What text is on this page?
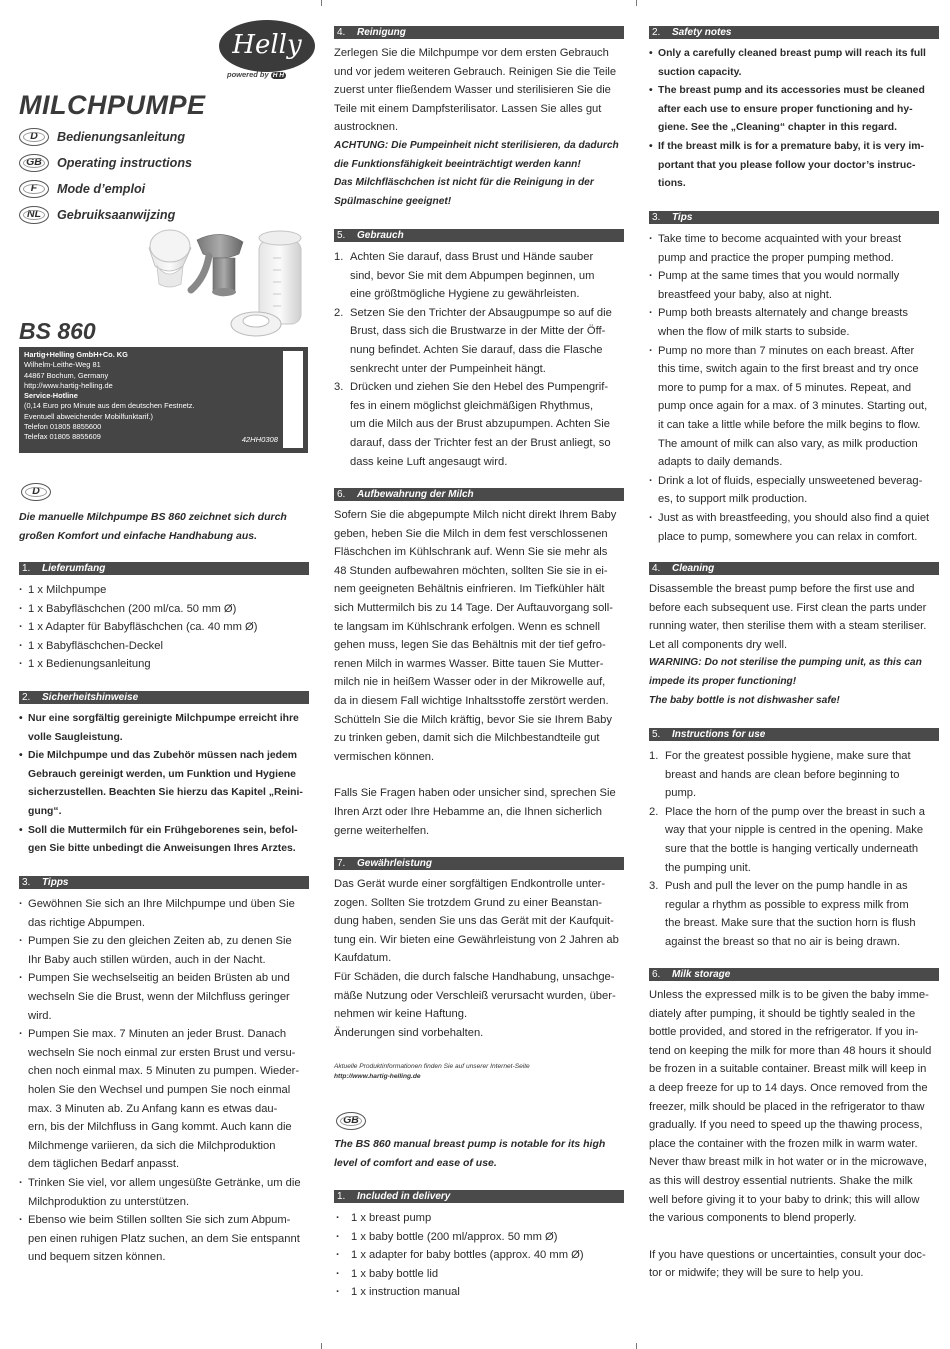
Helly
powered by H H
MILCHPUMPE
D	Bedienungsanleitung
GB	Operating instructions
F	Mode d’emploi
NL	Gebruiksaanwijzing
BS 860
Hartig+Helling GmbH+Co. KG
Wilhelm-Leithe-Weg 81
44867 Bochum, Germany
http://www.hartig-helling.de
Service-Hotline
(0,14 Euro pro Minute aus dem deutschen Festnetz.
Eventuell abweichender Mobilfunktarif.)
Telefon 01805 8855600
Telefax 01805 8855609	42HH0308
D
Die manuelle Milchpumpe BS 860 zeichnet sich durch
großen Komfort und einfache Handhabung aus.
1. Lieferumfang
· 1 x Milchpumpe
· 1 x Babyfläschchen (200 ml/ca. 50 mm Ø)
· 1 x Adapter für Babyfläschchen (ca. 40 mm Ø)
· 1 x Babyfläschchen-Deckel
· 1 x Bedienungsanleitung
2. Sicherheitshinweise
• Nur eine sorgfältig gereinigte Milchpumpe erreicht ihre
volle Saugleistung.
• Die Milchpumpe und das Zubehör müssen nach jedem
Gebrauch gereinigt werden, um Funktion und Hygiene
sicherzustellen. Beachten Sie hierzu das Kapitel „Reini-
gung“.
• Soll die Muttermilch für ein Frühgeborenes sein, befol-
gen Sie bitte unbedingt die Anweisungen Ihres Arztes.
3. Tipps
· Gewöhnen Sie sich an Ihre Milchpumpe und üben Sie
das richtige Abpumpen.
· Pumpen Sie zu den gleichen Zeiten ab, zu denen Sie
Ihr Baby auch stillen würden, auch in der Nacht.
· Pumpen Sie wechselseitig an beiden Brüsten ab und
wechseln Sie die Brust, wenn der Milchfluss geringer
wird.
· Pumpen Sie max. 7 Minuten an jeder Brust. Danach
wechseln Sie noch einmal zur ersten Brust und versu-
chen noch einmal max. 5 Minuten zu pumpen. Wieder-
holen Sie den Wechsel und pumpen Sie noch einmal
max. 3 Minuten ab. Zu Anfang kann es etwas dau-
ern, bis der Milchfluss in Gang kommt. Auch kann die
Milchmenge variieren, da sich die Milchproduktion
dem täglichen Bedarf anpasst.
· Trinken Sie viel, vor allem ungesüßte Getränke, um die
Milchproduktion zu unterstützen.
· Ebenso wie beim Stillen sollten Sie sich zum Abpum-
pen einen ruhigen Platz suchen, an dem Sie entspannt
und bequem sitzen können.
4. Reinigung
Zerlegen Sie die Milchpumpe vor dem ersten Gebrauch
und vor jedem weiteren Gebrauch. Reinigen Sie die Teile
zuerst unter fließendem Wasser und sterilisieren Sie die
Teile mit einem Dampfsterilisator. Lassen Sie alles gut
austrocknen.
ACHTUNG: Die Pumpeinheit nicht sterilisieren, da dadurch
die Funktionsfähigkeit beeinträchtigt werden kann!
Das Milchfläschchen ist nicht für die Reinigung in der
Spülmaschine geeignet!
5. Gebrauch
1. Achten Sie darauf, dass Brust und Hände sauber
sind, bevor Sie mit dem Abpumpen beginnen, um
eine größtmögliche Hygiene zu gewährleisten.
2. Setzen Sie den Trichter der Absaugpumpe so auf die
Brust, dass sich die Brustwarze in der Mitte der Öff-
nung befindet. Achten Sie darauf, dass die Flasche
senkrecht unter der Pumpeinheit hängt.
3. Drücken und ziehen Sie den Hebel des Pumpengrif-
fes in einem möglichst gleichmäßigen Rhythmus,
um die Milch aus der Brust abzupumpen. Achten Sie
darauf, dass der Trichter fest an der Brust anliegt, so
dass keine Luft angesaugt wird.
6. Aufbewahrung der Milch
Sofern Sie die abgepumpte Milch nicht direkt Ihrem Baby
geben, heben Sie die Milch in dem fest verschlossenen
Fläschchen im Kühlschrank auf. Wenn Sie sie mehr als
48 Stunden aufbewahren möchten, sollten Sie sie in ei-
nem geeigneten Behältnis einfrieren. Im Tiefkühler hält
sich Muttermilch bis zu 14 Tage. Der Auftauvorgang soll-
te langsam im Kühlschrank erfolgen. Wenn es schnell
gehen muss, legen Sie das Behältnis mit der tief gefro-
renen Milch in warmes Wasser. Bitte tauen Sie Mutter-
milch nie in heißem Wasser oder in der Mikrowelle auf,
da in diesem Fall wichtige Inhaltsstoffe zerstört werden.
Schütteln Sie die Milch kräftig, bevor Sie sie Ihrem Baby
zu trinken geben, damit sich die Milchbestandteile gut
vermischen können.
Falls Sie Fragen haben oder unsicher sind, sprechen Sie
Ihren Arzt oder Ihre Hebamme an, die Ihnen sicherlich
gerne weiterhelfen.
7. Gewährleistung
Das Gerät wurde einer sorgfältigen Endkontrolle unter-
zogen. Sollten Sie trotzdem Grund zu einer Beanstan-
dung haben, senden Sie uns das Gerät mit der Kaufquit-
tung ein. Wir bieten eine Gewährleistung von 2 Jahren ab
Kaufdatum.
Für Schäden, die durch falsche Handhabung, unsachge-
mäße Nutzung oder Verschleiß verursacht wurden, über-
nehmen wir keine Haftung.
Änderungen sind vorbehalten.
Aktuelle Produktinformationen finden Sie auf unserer Internet-Seite
http://www.hartig-helling.de
GB
The BS 860 manual breast pump is notable for its high
level of comfort and ease of use.
1. Included in delivery
· 1 x breast pump
· 1 x baby bottle (200 ml/approx. 50 mm Ø)
· 1 x adapter for baby bottles (approx. 40 mm Ø)
· 1 x baby bottle lid
· 1 x instruction manual
2. Safety notes
• Only a carefully cleaned breast pump will reach its full
suction capacity.
• The breast pump and its accessories must be cleaned
after each use to ensure proper functioning and hy-
giene. See the „Cleaning“ chapter in this regard.
• If the breast milk is for a premature baby, it is very im-
portant that you please follow your doctor’s instruc-
tions.
3. Tips
· Take time to become acquainted with your breast
pump and practice the proper pumping method.
· Pump at the same times that you would normally
breastfeed your baby, also at night.
· Pump both breasts alternately and change breasts
when the flow of milk starts to subside.
· Pump no more than 7 minutes on each breast. After
this time, switch again to the first breast and try once
more to pump for a max. of 5 minutes. Repeat, and
pump once again for a max. of 3 minutes. Starting out,
it can take a little while before the milk begins to flow.
The amount of milk can also vary, as milk production
adapts to daily demands.
· Drink a lot of fluids, especially unsweetened beverag-
es, to support milk production.
· Just as with breastfeeding, you should also find a quiet
place to pump, somewhere you can relax in comfort.
4. Cleaning
Disassemble the breast pump before the first use and
before each subsequent use. First clean the parts under
running water, then sterilise them with a steam steriliser.
Let all components dry well.
WARNING: Do not sterilise the pumping unit, as this can
impede its proper functioning!
The baby bottle is not dishwasher safe!
5. Instructions for use
1. For the greatest possible hygiene, make sure that
breast and hands are clean before beginning to
pump.
2. Place the horn of the pump over the breast in such a
way that your nipple is centred in the opening. Make
sure that the bottle is hanging vertically underneath
the pumping unit.
3. Push and pull the lever on the pump handle in as
regular a rhythm as possible to express milk from
the breast. Make sure that the suction horn is flush
against the breast so that no air is being drawn.
6. Milk storage
Unless the expressed milk is to be given the baby imme-
diately after pumping, it should be tightly sealed in the
bottle provided, and stored in the refrigerator. If you in-
tend on keeping the milk for more than 48 hours it should
be frozen in a suitable container. Breast milk will keep in
a deep freeze for up to 14 days. Once removed from the
freezer, milk should be placed in the refrigerator to thaw
gradually. If you need to speed up the thawing process,
place the container with the frozen milk in warm water.
Never thaw breast milk in hot water or in the microwave,
as this will destroy essential nutrients. Shake the milk
well before giving it to your baby to drink; this will allow
the various components to blend properly.
If you have questions or uncertainties, consult your doc-
tor or midwife; they will be sure to help you.
